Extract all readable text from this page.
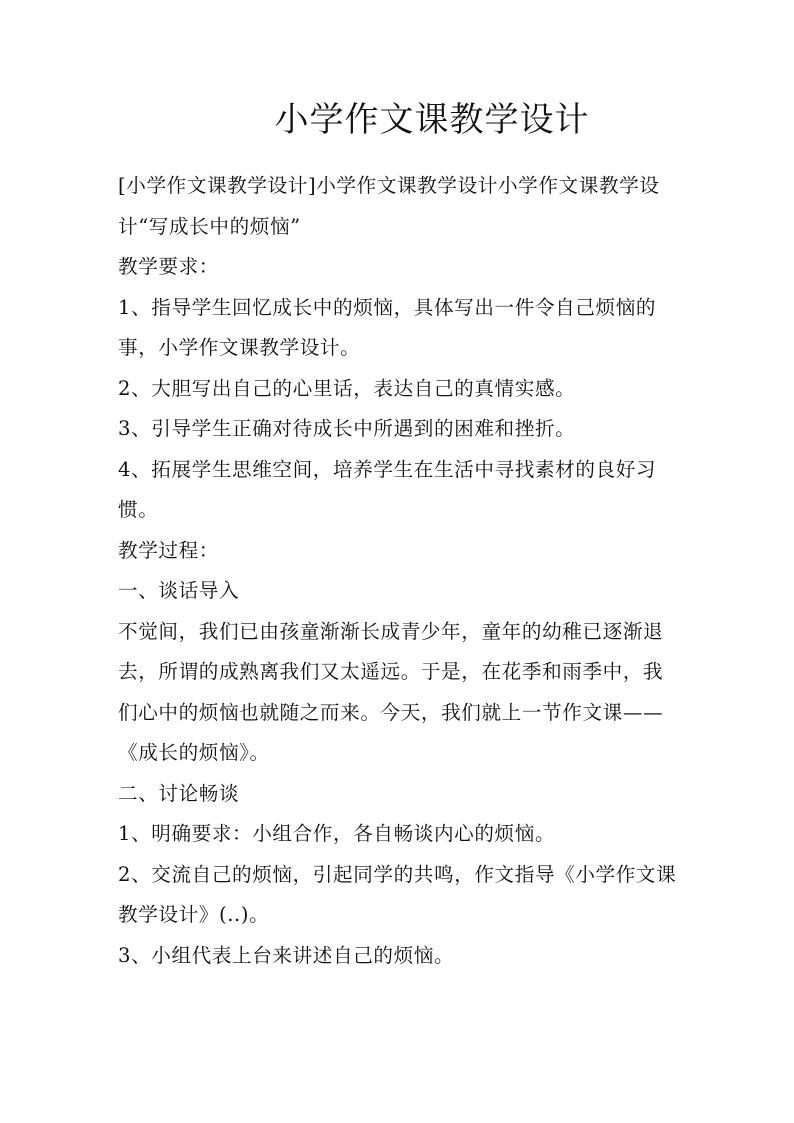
小学作文课教学设计

[小学作文课教学设计]小学作文课教学设计小学作文课教学设计“写成长中的烦恼”

教学要求：

1、指导学生回忆成长中的烦恼，具体写出一件令自己烦恼的事，小学作文课教学设计。

2、大胆写出自己的心里话，表达自己的真情实感。

3、引导学生正确对待成长中所遇到的困难和挫折。

4、拓展学生思维空间，培养学生在生活中寻找素材的良好习惯。

教学过程：

一、谈话导入

不觉间，我们已由孩童渐渐长成青少年，童年的幼稚已逐渐退去，所谓的成熟离我们又太遥远。于是，在花季和雨季中，我们心中的烦恼也就随之而来。今天，我们就上一节作文课——《成长的烦恼》。

二、讨论畅谈

1、明确要求：小组合作，各自畅谈内心的烦恼。

2、交流自己的烦恼，引起同学的共鸣，作文指导《小学作文课教学设计》(..)。

3、小组代表上台来讲述自己的烦恼。
